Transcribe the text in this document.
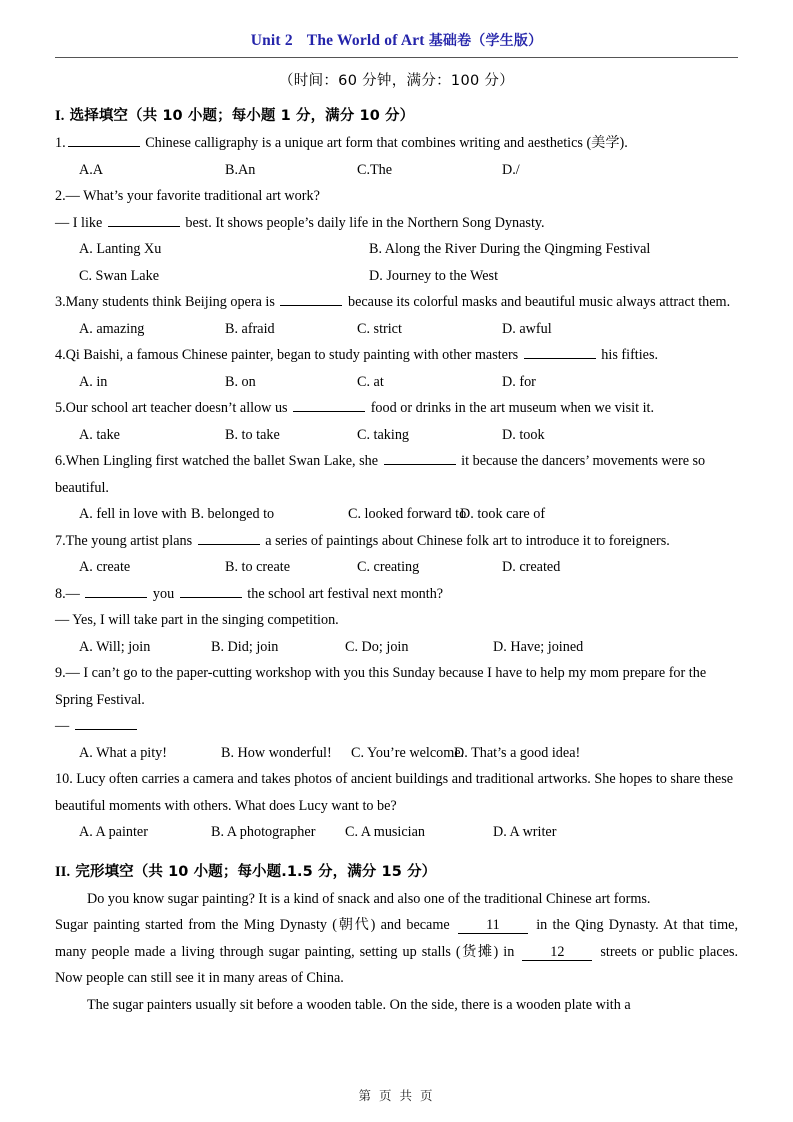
Unit 2 The World of Art 基础卷（学生版）
（时间：60 分钟，满分：100 分）
I. 选择填空（共 10 小题；每小题 1 分，满分 10 分）
1.	Chinese calligraphy is a unique art form that combines writing and aesthetics (美学).
A.A	B.An	C.The	D./
2.— What’s your favorite traditional art work?
— I like	best. It shows people’s daily life in the Northern Song Dynasty.
A. Lanting Xu	B. Along the River During the Qingming Festival
C. Swan Lake	D. Journey to the West
3.Many students think Beijing opera is	because its colorful masks and beautiful music always attract them.
A. amazing	B. afraid	C. strict	D. awful
4.Qi Baishi, a famous Chinese painter, began to study painting with other masters	his fifties.
A. in	B. on	C. at	D. for
5.Our school art teacher doesn’t allow us	food or drinks in the art museum when we visit it.
A. take	B. to take	C. taking	D. took
6.When Lingling first watched the ballet Swan Lake, she	it because the dancers’ movements were so beautiful.
A. fell in love with B. belonged to	C. looked forward toD. took care of
7.The young artist plans	a series of paintings about Chinese folk art to introduce it to foreigners.
A. create	B. to create	C. creating	D. created
8.—	you	the school art festival next month?
— Yes, I will take part in the singing competition.
A. Will; join	B. Did; join	C. Do; join	D. Have; joined
9.— I can’t go to the paper-cutting workshop with you this Sunday because I have to help my mom prepare for the Spring Festival.
—
A. What a pity!	B. How wonderful! C. You’re welcome.D. That’s a good idea!
10. Lucy often carries a camera and takes photos of ancient buildings and traditional artworks. She hopes to share these beautiful moments with others. What does Lucy want to be?
A. A painter	B. A photographer C. A musician	D. A writer
II. 完形填空（共 10 小题；每小题.1.5 分，满分 15 分）
Do you know sugar painting? It is a kind of snack and also one of the traditional Chinese art forms.
Sugar painting started from the Ming Dynasty (朝代) and became	11	in the Qing Dynasty. At that time, many people made a living through sugar painting, setting up stalls (货摊) in	12	streets or public places. Now people can still see it in many areas of China.
The sugar painters usually sit before a wooden table. On the side, there is a wooden plate with a
第 页 共 页
